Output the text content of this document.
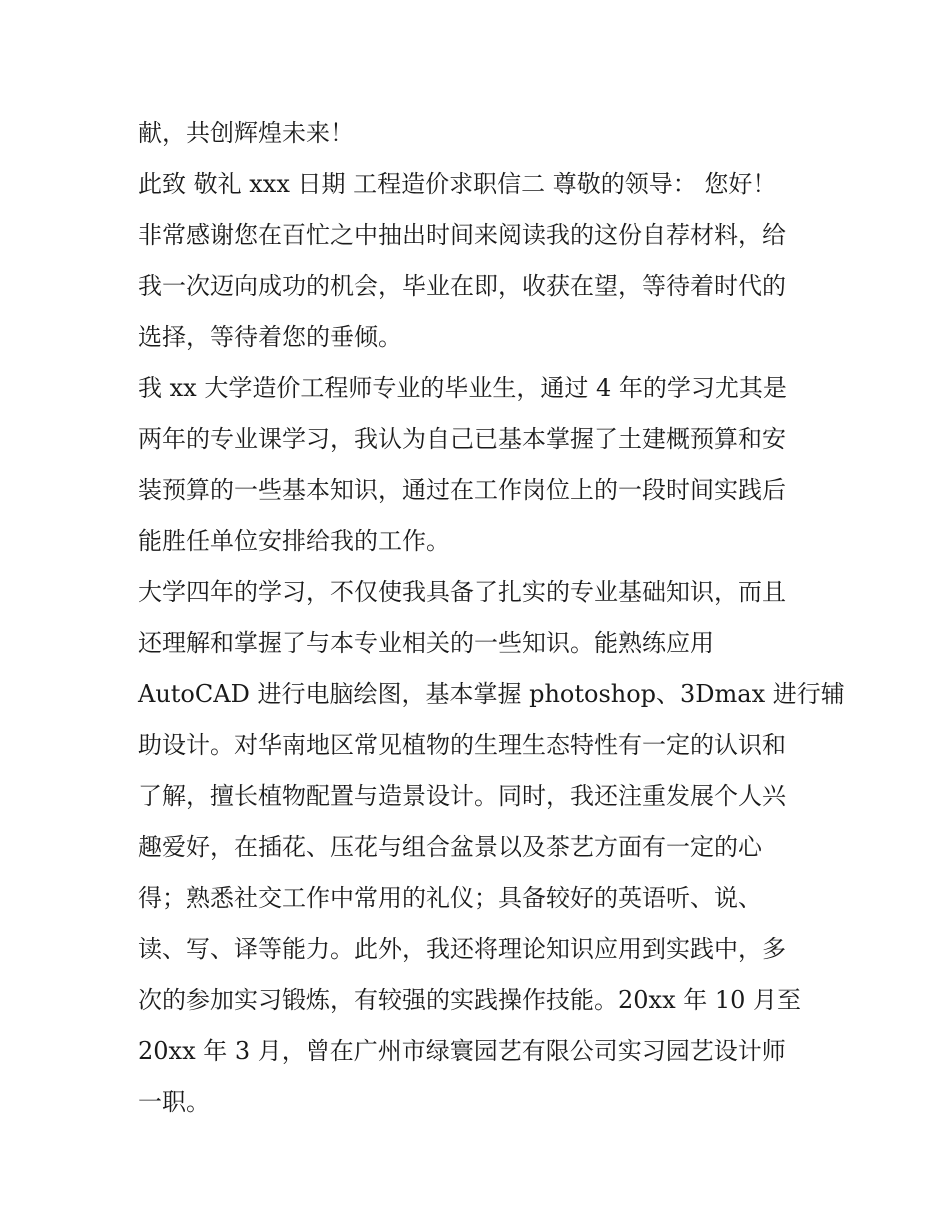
献，共创辉煌未来！
此致 敬礼 xxx 日期 工程造价求职信二 尊敬的领导： 您好！
非常感谢您在百忙之中抽出时间来阅读我的这份自荐材料，给
我一次迈向成功的机会，毕业在即，收获在望，等待着时代的
选择，等待着您的垂倾。
我 xx 大学造价工程师专业的毕业生，通过 4 年的学习尤其是
两年的专业课学习，我认为自己已基本掌握了土建概预算和安
装预算的一些基本知识，通过在工作岗位上的一段时间实践后
能胜任单位安排给我的工作。
大学四年的学习，不仅使我具备了扎实的专业基础知识，而且
还理解和掌握了与本专业相关的一些知识。能熟练应用
AutoCAD 进行电脑绘图，基本掌握 photoshop、3Dmax 进行辅
助设计。对华南地区常见植物的生理生态特性有一定的认识和
了解，擅长植物配置与造景设计。同时，我还注重发展个人兴
趣爱好，在插花、压花与组合盆景以及茶艺方面有一定的心
得；熟悉社交工作中常用的礼仪；具备较好的英语听、说、
读、写、译等能力。此外，我还将理论知识应用到实践中，多
次的参加实习锻炼，有较强的实践操作技能。20xx 年 10 月至
20xx 年 3 月，曾在广州市绿寰园艺有限公司实习园艺设计师
一职。
